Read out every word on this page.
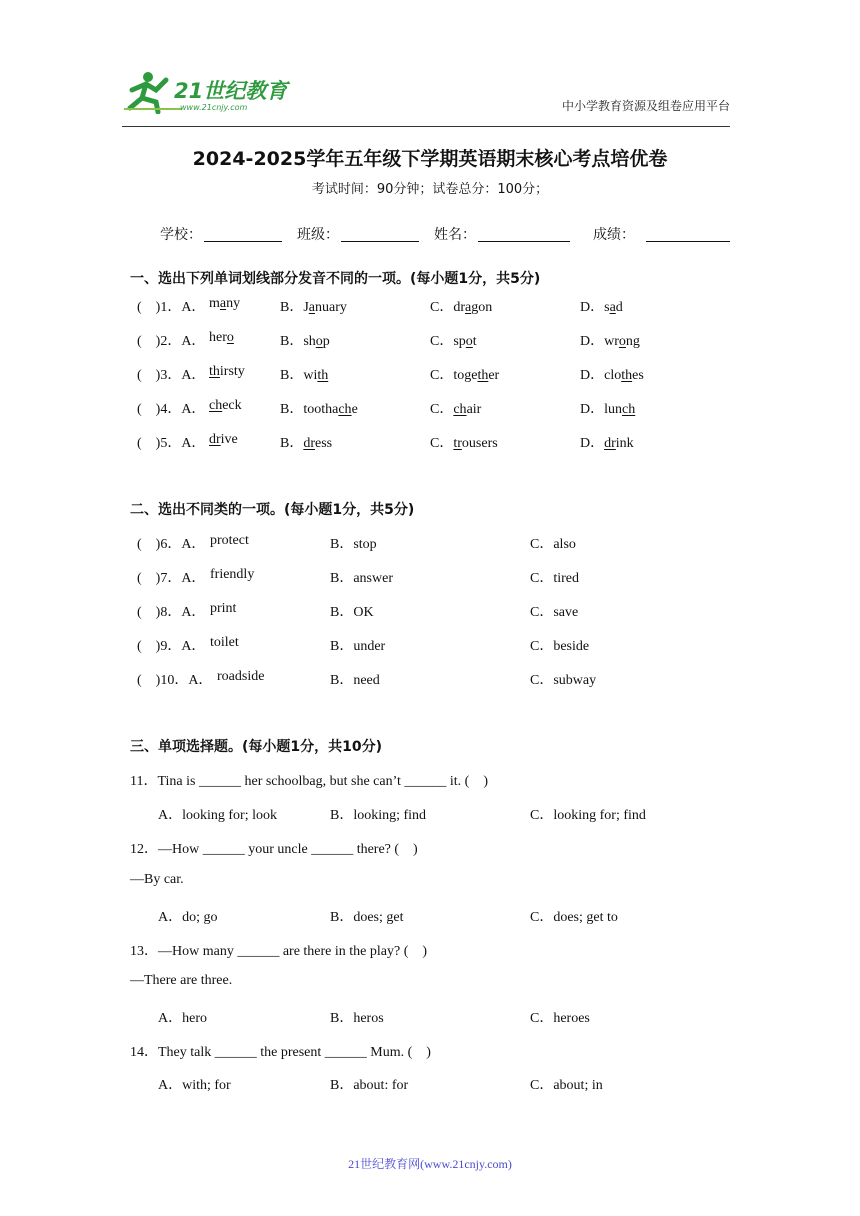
21世纪教育
www.21cnjy.com	中小学教育资源及组卷应用平台
2024-2025学年五年级下学期英语期末核心考点培优卷
考试时间：90分钟；试卷总分：100分；
学校：	班级：	姓名：	成绩：
一、选出下列单词划线部分发音不同的一项。(每小题1分，共5分)
(　)1．A． many	B．January	C．dragon	D．sad
(　)2．A． hero	B．shop	C．spot	D．wrong
(　)3．A． thirsty	B．with	C．together	D．clothes
(　)4．A． check	B．toothache	C．chair	D．lunch
(　)5．A． drive	B．dress	C．trousers	D．drink
二、选出不同类的一项。(每小题1分，共5分)
(　)6．A． protect	B．stop	C．also
(　)7．A． friendly	B．answer	C．tired
(　)8．A． print	B．OK	C．save
(　)9．A． toilet	B．under	C．beside
(　)10．A． roadside	B．need	C．subway
三、单项选择题。(每小题1分，共10分)
11．Tina is ______ her schoolbag, but she can’t ______ it. (　)
A．looking for; look	B．looking; find	C．looking for; find
12．—How ______ your uncle ______ there? (　)
—By car.
A．do; go	B．does; get	C．does; get to
13．—How many ______ are there in the play? (　)
—There are three.
A．hero	B．heros	C．heroes
14．They talk ______ the present ______ Mum. (　)
A．with; for	B．about: for	C．about; in
21世纪教育网(www.21cnjy.com)
